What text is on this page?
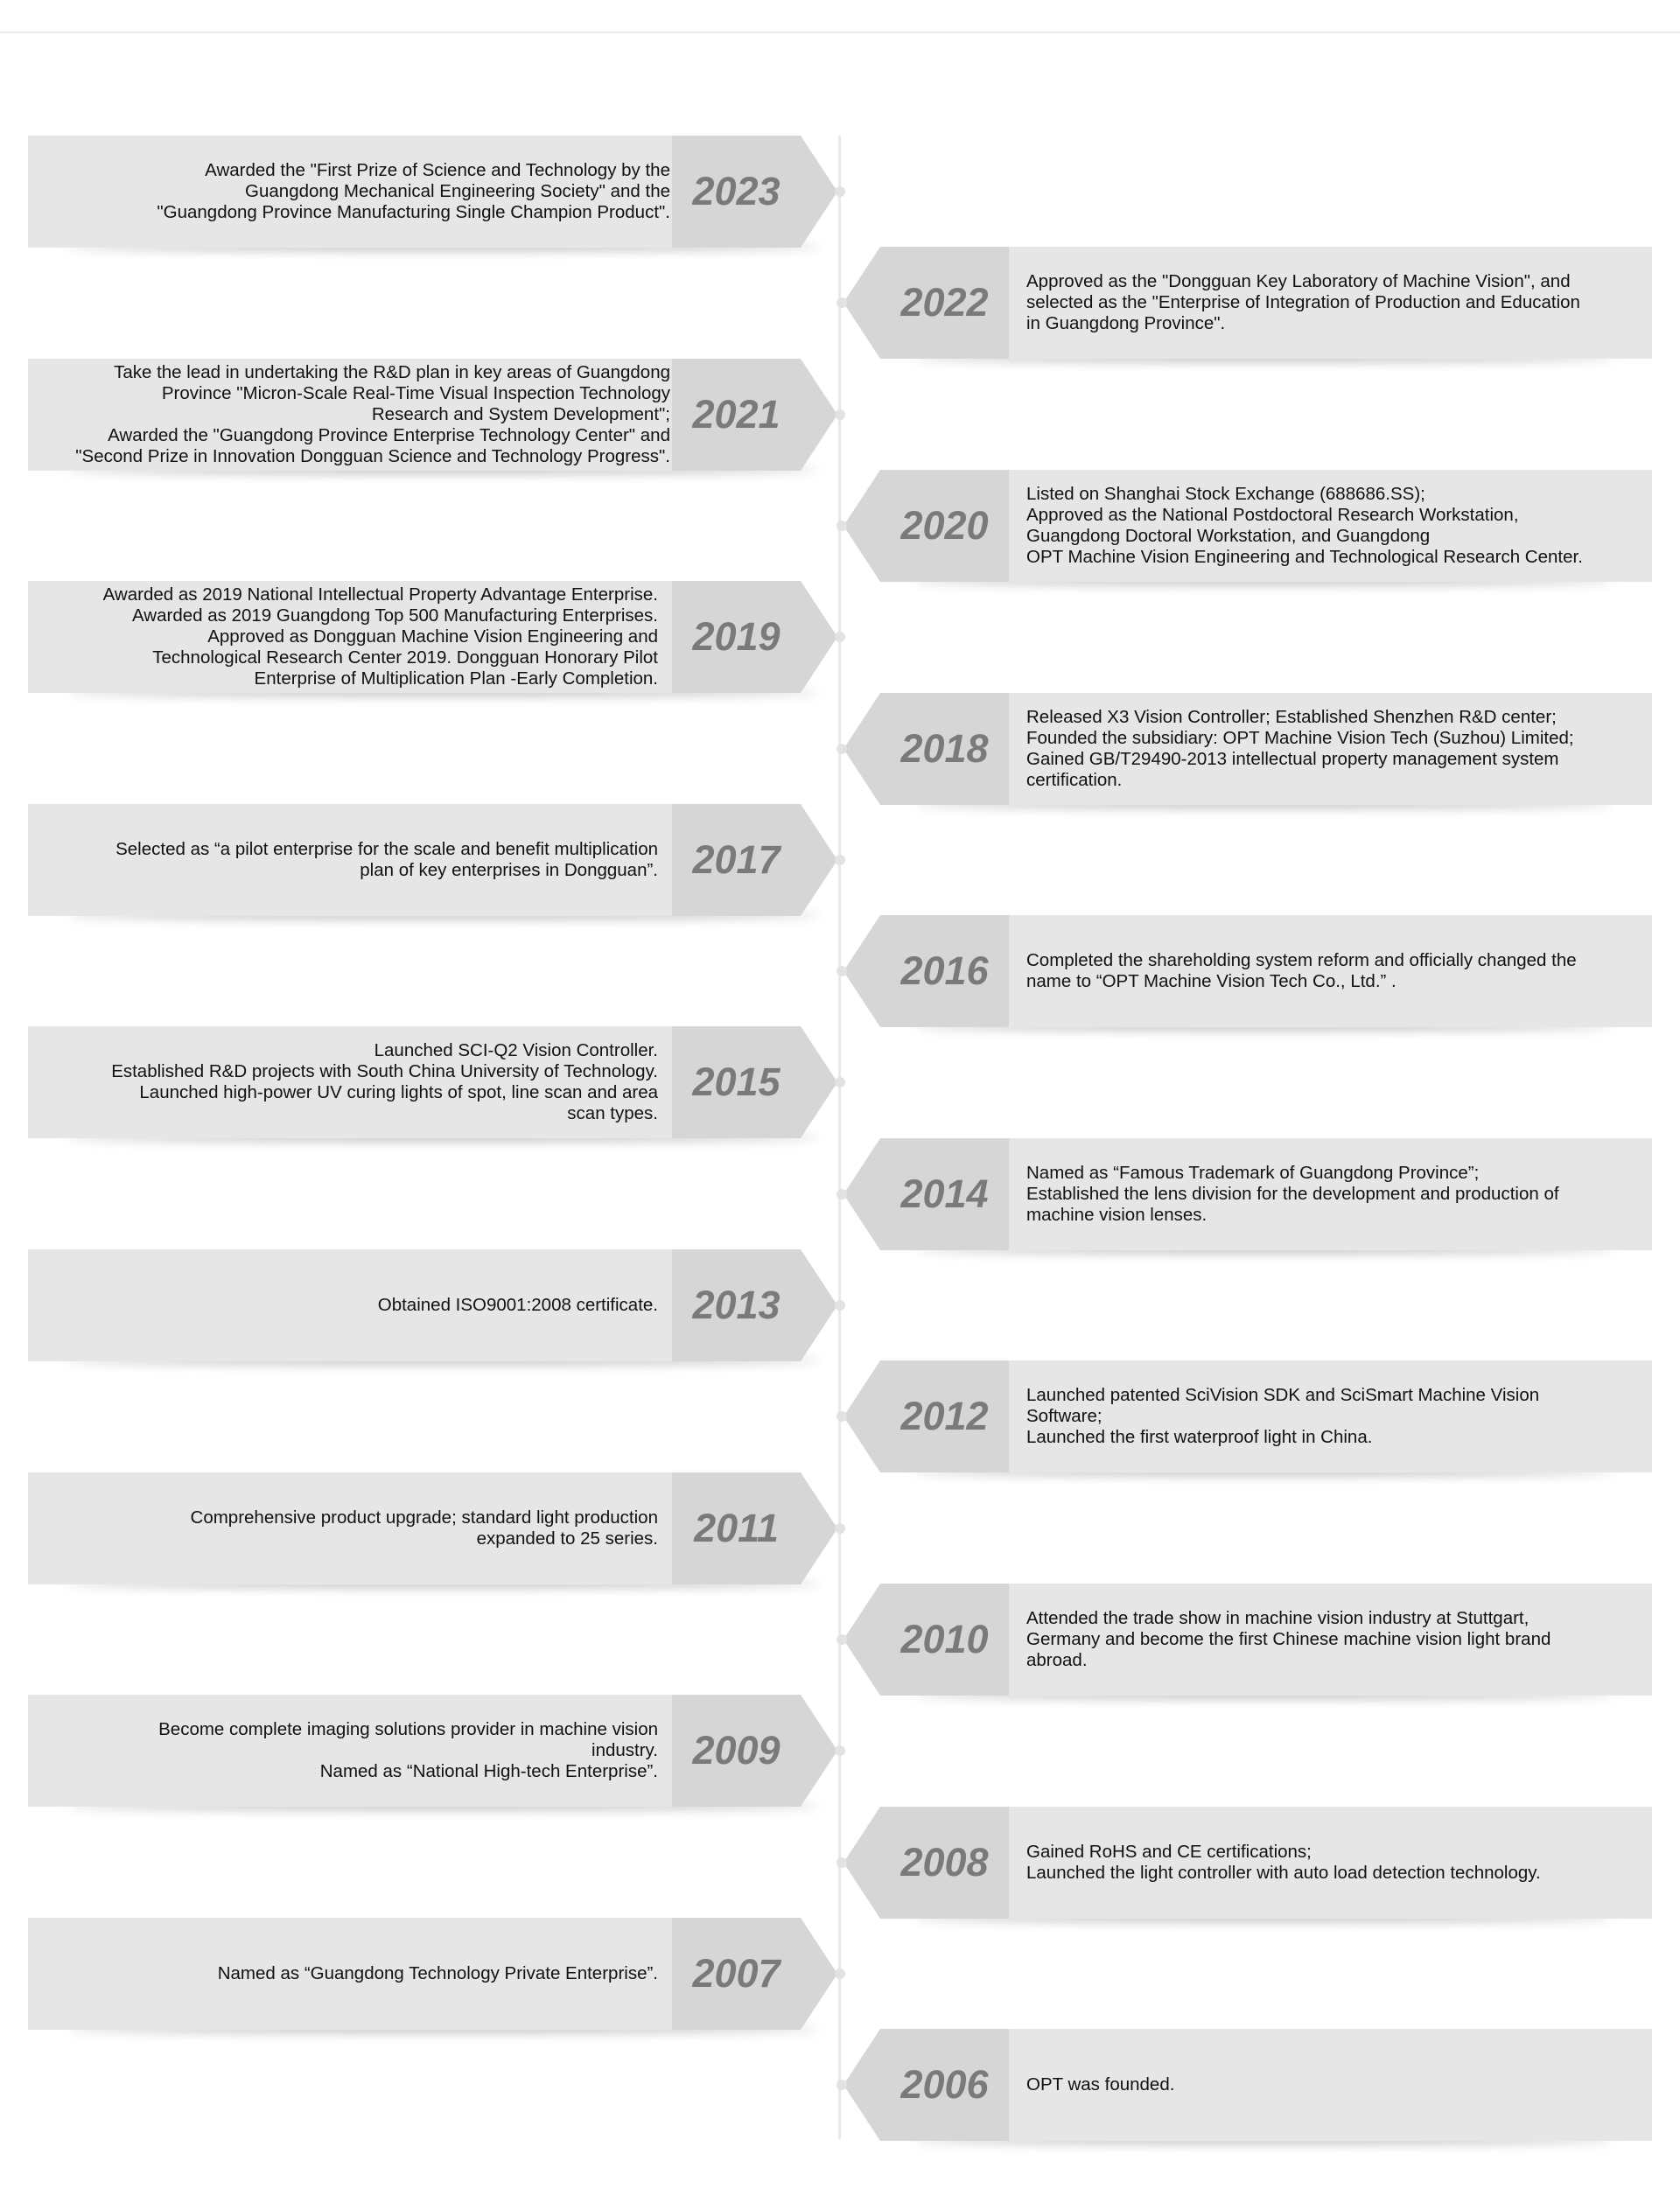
Awarded the "First Prize of Science and Technology by the
Guangdong Mechanical Engineering Society" and the
"Guangdong Province Manufacturing Single Champion Product". 2023
Approved as the "Dongguan Key Laboratory of Machine Vision", and
selected as the "Enterprise of Integration of Production and Education
in Guangdong Province".
2022
Take the lead in undertaking the R&D plan in key areas of Guangdong
Province "Micron-Scale Real-Time Visual Inspection Technology
Research and System Development";
Awarded the "Guangdong Province Enterprise Technology Center" and
"Second Prize in Innovation Dongguan Science and Technology Progress".
2021
Listed on Shanghai Stock Exchange (688686.SS);
Approved as the National Postdoctoral Research Workstation,
Guangdong Doctoral Workstation, and Guangdong
OPT Machine Vision Engineering and Technological Research Center.
2020
Awarded as 2019 National Intellectual Property Advantage Enterprise.
Awarded as 2019 Guangdong Top 500 Manufacturing Enterprises.
Approved as Dongguan Machine Vision Engineering and
Technological Research Center 2019. Dongguan Honorary Pilot
Enterprise of Multiplication Plan -Early Completion.
2019
Released X3 Vision Controller; Established Shenzhen R&D center;
Founded the subsidiary: OPT Machine Vision Tech (Suzhou) Limited;
Gained GB/T29490-2013 intellectual property management system
certification.
2018
Selected as “a pilot enterprise for the scale and benefit multiplication
plan of key enterprises in Dongguan”. 2017
Completed the shareholding system reform and officially changed the
name to “OPT Machine Vision Tech Co., Ltd.” .
2016
Launched SCI-Q2 Vision Controller.
Established R&D projects with South China University of Technology.
Launched high-power UV curing lights of spot, line scan and area
scan types.
2015
Named as “Famous Trademark of Guangdong Province”;
Established the lens division for the development and production of
machine vision lenses.
2014
Obtained ISO9001:2008 certificate. 2013
Launched patented SciVision SDK and SciSmart Machine Vision
Software;
Launched the first waterproof light in China.
2012
Comprehensive product upgrade; standard light production
expanded to 25 series. 2011
Attended the trade show in machine vision industry at Stuttgart,
Germany and become the first Chinese machine vision light brand
abroad.
2010
Become complete imaging solutions provider in machine vision
industry.
Named as “National High-tech Enterprise”. 2009
Gained RoHS and CE certifications;
Launched the light controller with auto load detection technology.
2008
Named as “Guangdong Technology Private Enterprise”. 2007
OPT was founded.
2006
